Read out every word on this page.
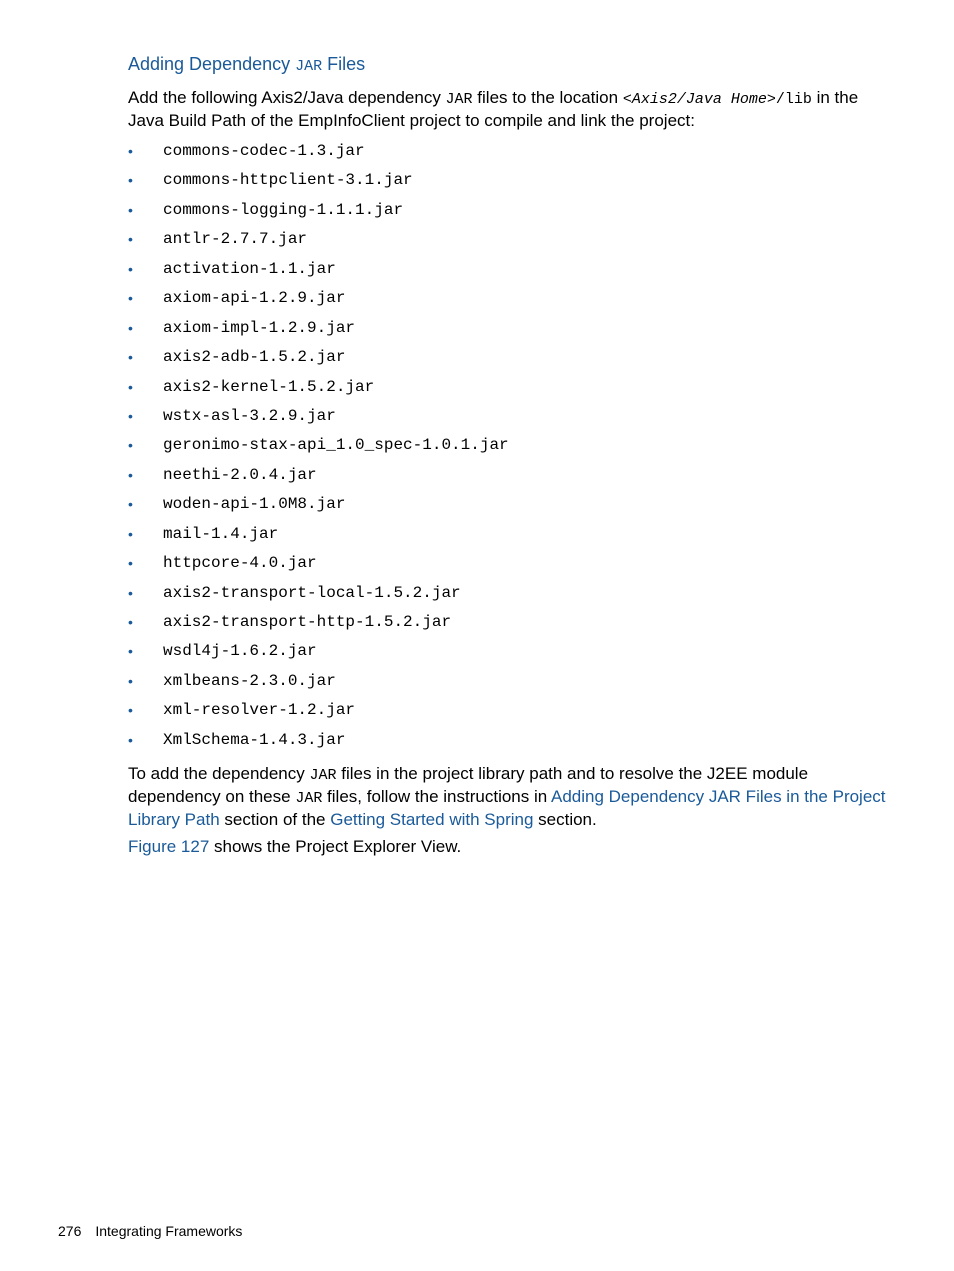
Adding Dependency JAR Files

Add the following Axis2/Java dependency JAR files to the location <Axis2/Java Home>/lib in the Java Build Path of the EmpInfoClient project to compile and link the project:

• commons-codec-1.3.jar
• commons-httpclient-3.1.jar
• commons-logging-1.1.1.jar
• antlr-2.7.7.jar
• activation-1.1.jar
• axiom-api-1.2.9.jar
• axiom-impl-1.2.9.jar
• axis2-adb-1.5.2.jar
• axis2-kernel-1.5.2.jar
• wstx-asl-3.2.9.jar
• geronimo-stax-api_1.0_spec-1.0.1.jar
• neethi-2.0.4.jar
• woden-api-1.0M8.jar
• mail-1.4.jar
• httpcore-4.0.jar
• axis2-transport-local-1.5.2.jar
• axis2-transport-http-1.5.2.jar
• wsdl4j-1.6.2.jar
• xmlbeans-2.3.0.jar
• xml-resolver-1.2.jar
• XmlSchema-1.4.3.jar

To add the dependency JAR files in the project library path and to resolve the J2EE module dependency on these JAR files, follow the instructions in Adding Dependency JAR Files in the Project Library Path section of the Getting Started with Spring section.

Figure 127 shows the Project Explorer View.

276 Integrating Frameworks
